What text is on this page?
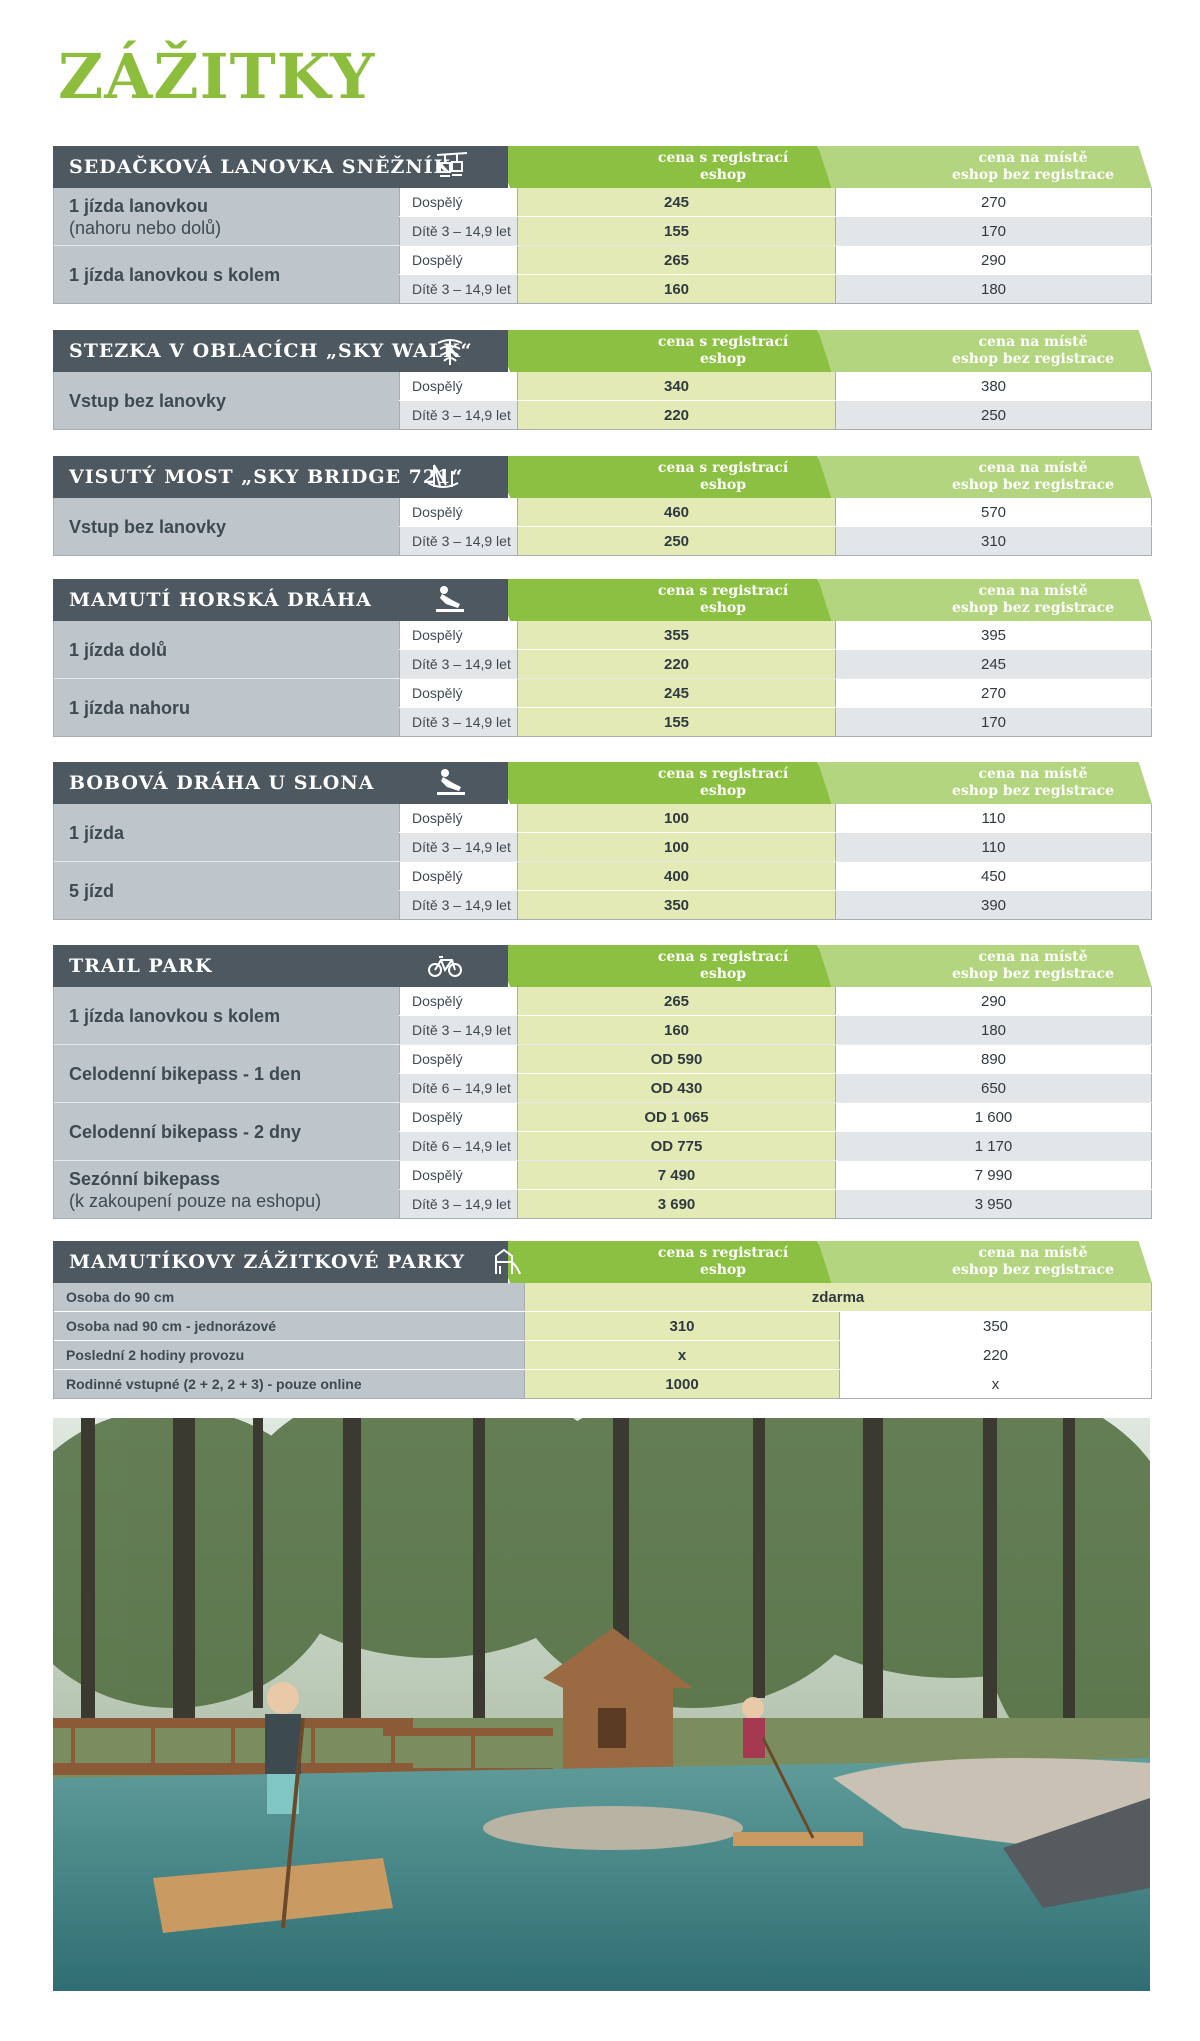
ZÁŽITKY
SEDAČKOVÁ LANOVKA SNĚŽNÍK	cena s registrací
eshop
cena na místě
eshop bez registrace
1 jízda lanovkou
(nahoru nebo dolů)
Dospělý	245	270
Dítě 3 – 14,9 let	155	170
1 jízda lanovkou s kolem
Dospělý	265	290
Dítě 3 – 14,9 let	160	180
STEZKA V OBLACÍCH „SKY WALK“	cena s registrací
eshop
cena na místě
eshop bez registrace
Vstup bez lanovky
Dospělý	340	380
Dítě 3 – 14,9 let	220	250
VISUTÝ MOST „SKY BRIDGE 721“	cena s registrací
eshop
cena na místě
eshop bez registrace
Vstup bez lanovky
Dospělý	460	570
Dítě 3 – 14,9 let	250	310
MAMUTÍ HORSKÁ DRÁHA	cena s registrací
eshop
cena na místě
eshop bez registrace
1 jízda dolů
Dospělý	355	395
Dítě 3 – 14,9 let	220	245
1 jízda nahoru
Dospělý	245	270
Dítě 3 – 14,9 let	155	170
BOBOVÁ DRÁHA U SLONA	cena s registrací
eshop
cena na místě
eshop bez registrace
1 jízda
Dospělý	100	110
Dítě 3 – 14,9 let	100	110
5 jízd
Dospělý	400	450
Dítě 3 – 14,9 let	350	390
TRAIL PARK	cena s registrací
eshop
cena na místě
eshop bez registrace
1 jízda lanovkou s kolem
Dospělý	265	290
Dítě 3 – 14,9 let	160	180
Celodenní bikepass - 1 den
Dospělý	OD 590	890
Dítě 6 – 14,9 let	OD 430	650
Celodenní bikepass - 2 dny
Dospělý	OD 1 065	1 600
Dítě 6 – 14,9 let	OD 775	1 170
Sezónní bikepass
(k zakoupení pouze na eshopu)
Dospělý	7 490	7 990
Dítě 3 – 14,9 let	3 690	3 950
MAMUTÍKOVY ZÁŽITKOVÉ PARKY	cena s registrací
eshop
cena na místě
eshop bez registrace
Osoba do 90 cm	zdarma
Osoba nad 90 cm - jednorázové	310	350
Poslední 2 hodiny provozu	x	220
Rodinné vstupné (2 + 2, 2 + 3) - pouze online	1000	x
